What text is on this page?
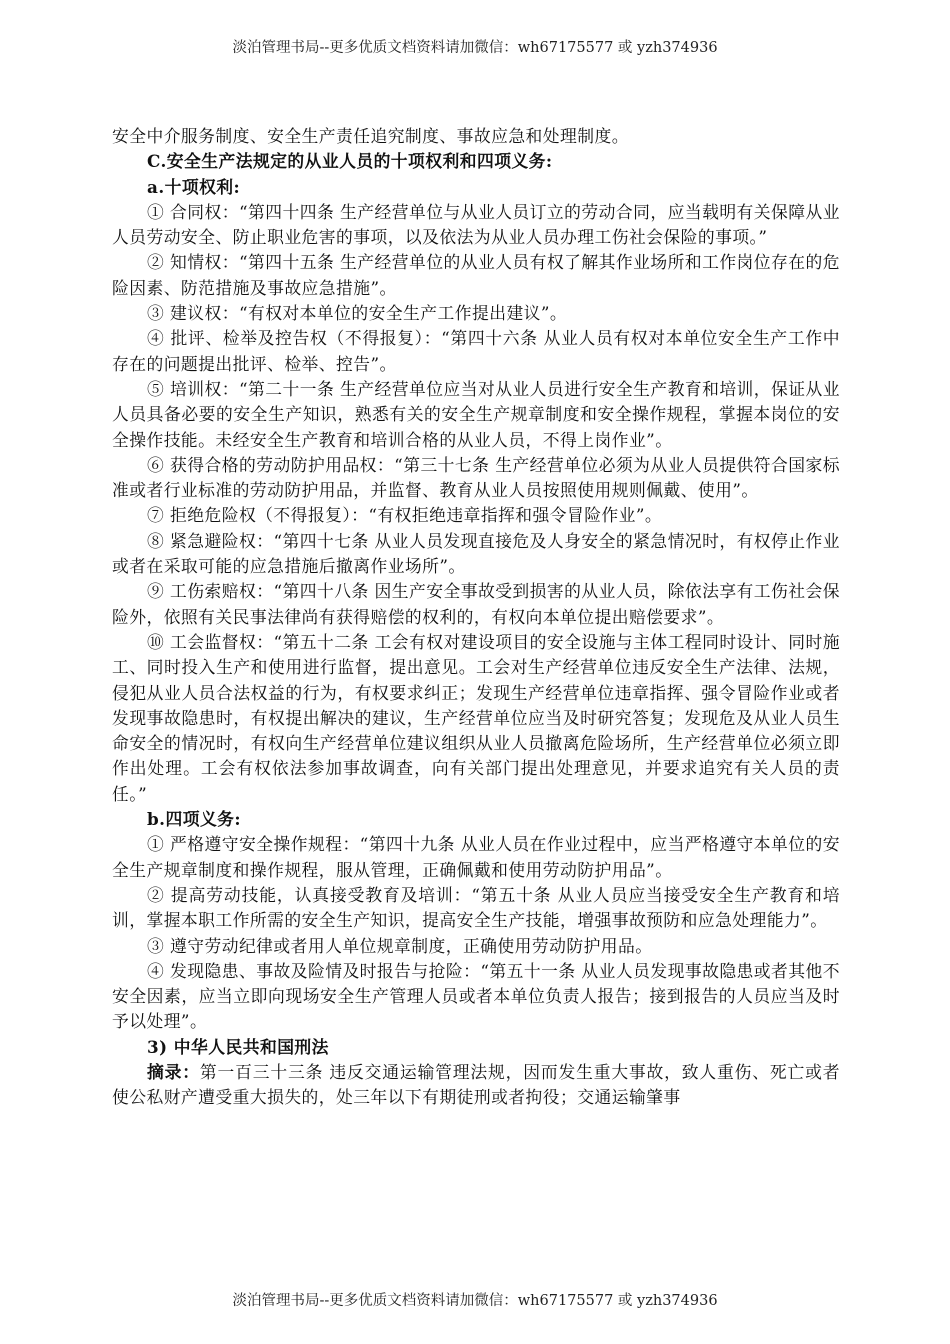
淡泊管理书局--更多优质文档资料请加微信：wh67175577 或 yzh374936

安全中介服务制度、安全生产责任追究制度、事故应急和处理制度。

C.安全生产法规定的从业人员的十项权利和四项义务:

a.十项权利:

① 合同权：“第四十四条 生产经营单位与从业人员订立的劳动合同，应当载明有关保障从业人员劳动安全、防止职业危害的事项，以及依法为从业人员办理工伤社会保险的事项。”

② 知情权：“第四十五条 生产经营单位的从业人员有权了解其作业场所和工作岗位存在的危险因素、防范措施及事故应急措施”。

③ 建议权：“有权对本单位的安全生产工作提出建议”。

④ 批评、检举及控告权（不得报复）：“第四十六条 从业人员有权对本单位安全生产工作中存在的问题提出批评、检举、控告”。

⑤ 培训权：“第二十一条 生产经营单位应当对从业人员进行安全生产教育和培训，保证从业人员具备必要的安全生产知识，熟悉有关的安全生产规章制度和安全操作规程，掌握本岗位的安全操作技能。未经安全生产教育和培训合格的从业人员，不得上岗作业”。

⑥ 获得合格的劳动防护用品权：“第三十七条 生产经营单位必须为从业人员提供符合国家标准或者行业标准的劳动防护用品，并监督、教育从业人员按照使用规则佩戴、使用”。

⑦ 拒绝危险权（不得报复）：“有权拒绝违章指挥和强令冒险作业”。

⑧ 紧急避险权：“第四十七条 从业人员发现直接危及人身安全的紧急情况时，有权停止作业或者在采取可能的应急措施后撤离作业场所”。

⑨ 工伤索赔权：“第四十八条 因生产安全事故受到损害的从业人员，除依法享有工伤社会保险外，依照有关民事法律尚有获得赔偿的权利的，有权向本单位提出赔偿要求”。

⑩ 工会监督权：“第五十二条 工会有权对建设项目的安全设施与主体工程同时设计、同时施工、同时投入生产和使用进行监督，提出意见。工会对生产经营单位违反安全生产法律、法规，侵犯从业人员合法权益的行为，有权要求纠正；发现生产经营单位违章指挥、强令冒险作业或者发现事故隐患时，有权提出解决的建议，生产经营单位应当及时研究答复；发现危及从业人员生命安全的情况时，有权向生产经营单位建议组织从业人员撤离危险场所，生产经营单位必须立即作出处理。工会有权依法参加事故调查，向有关部门提出处理意见，并要求追究有关人员的责任。”

b.四项义务:

① 严格遵守安全操作规程：“第四十九条 从业人员在作业过程中，应当严格遵守本单位的安全生产规章制度和操作规程，服从管理，正确佩戴和使用劳动防护用品”。

② 提高劳动技能，认真接受教育及培训：“第五十条 从业人员应当接受安全生产教育和培训，掌握本职工作所需的安全生产知识，提高安全生产技能，增强事故预防和应急处理能力”。

③ 遵守劳动纪律或者用人单位规章制度，正确使用劳动防护用品。

④ 发现隐患、事故及险情及时报告与抢险：“第五十一条 从业人员发现事故隐患或者其他不安全因素，应当立即向现场安全生产管理人员或者本单位负责人报告；接到报告的人员应当及时予以处理”。

3) 中华人民共和国刑法

摘录：第一百三十三条 违反交通运输管理法规，因而发生重大事故，致人重伤、死亡或者使公私财产遭受重大损失的，处三年以下有期徒刑或者拘役；交通运输肇事

淡泊管理书局--更多优质文档资料请加微信：wh67175577 或 yzh374936
